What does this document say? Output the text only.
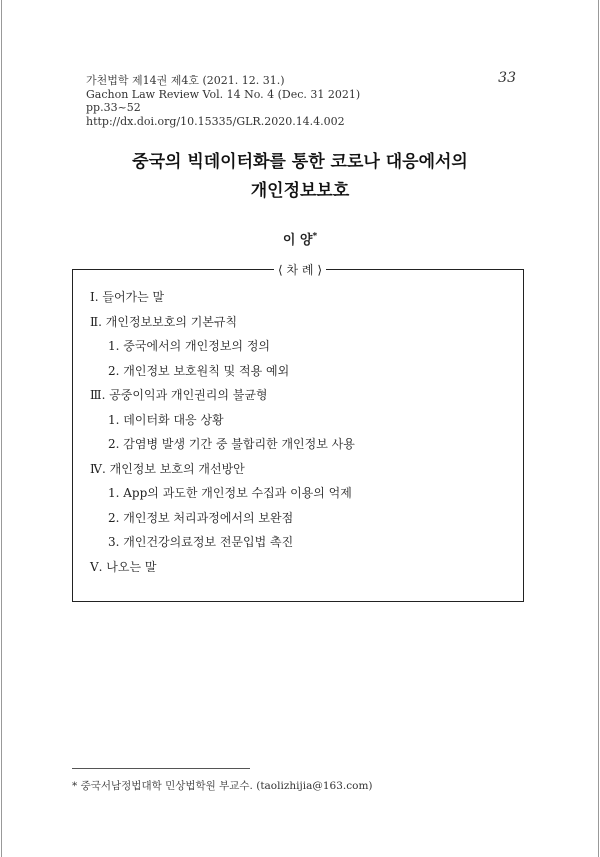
가천법학 제14권 제4호 (2021. 12. 31.)
Gachon Law Review Vol. 14 No. 4 (Dec. 31 2021)
pp.33~52
http://dx.doi.org/10.15335/GLR.2020.14.4.002
33
중국의 빅데이터화를 통한 코로나 대응에서의
개인정보보호
이 양*
⟨ 차 례 ⟩
Ⅰ. 들어가는 말
Ⅱ. 개인정보보호의 기본규칙
1. 중국에서의 개인정보의 정의
2. 개인정보 보호원칙 및 적용 예외
Ⅲ. 공중이익과 개인권리의 불균형
1. 데이터화 대응 상황
2. 감염병 발생 기간 중 불합리한 개인정보 사용
Ⅳ. 개인정보 보호의 개선방안
1. App의 과도한 개인정보 수집과 이용의 억제
2. 개인정보 처리과정에서의 보완점
3. 개인건강의료정보 전문입법 촉진
Ⅴ. 나오는 말
* 중국서남정법대학 민상법학원 부교수. (taolizhijia@163.com)
